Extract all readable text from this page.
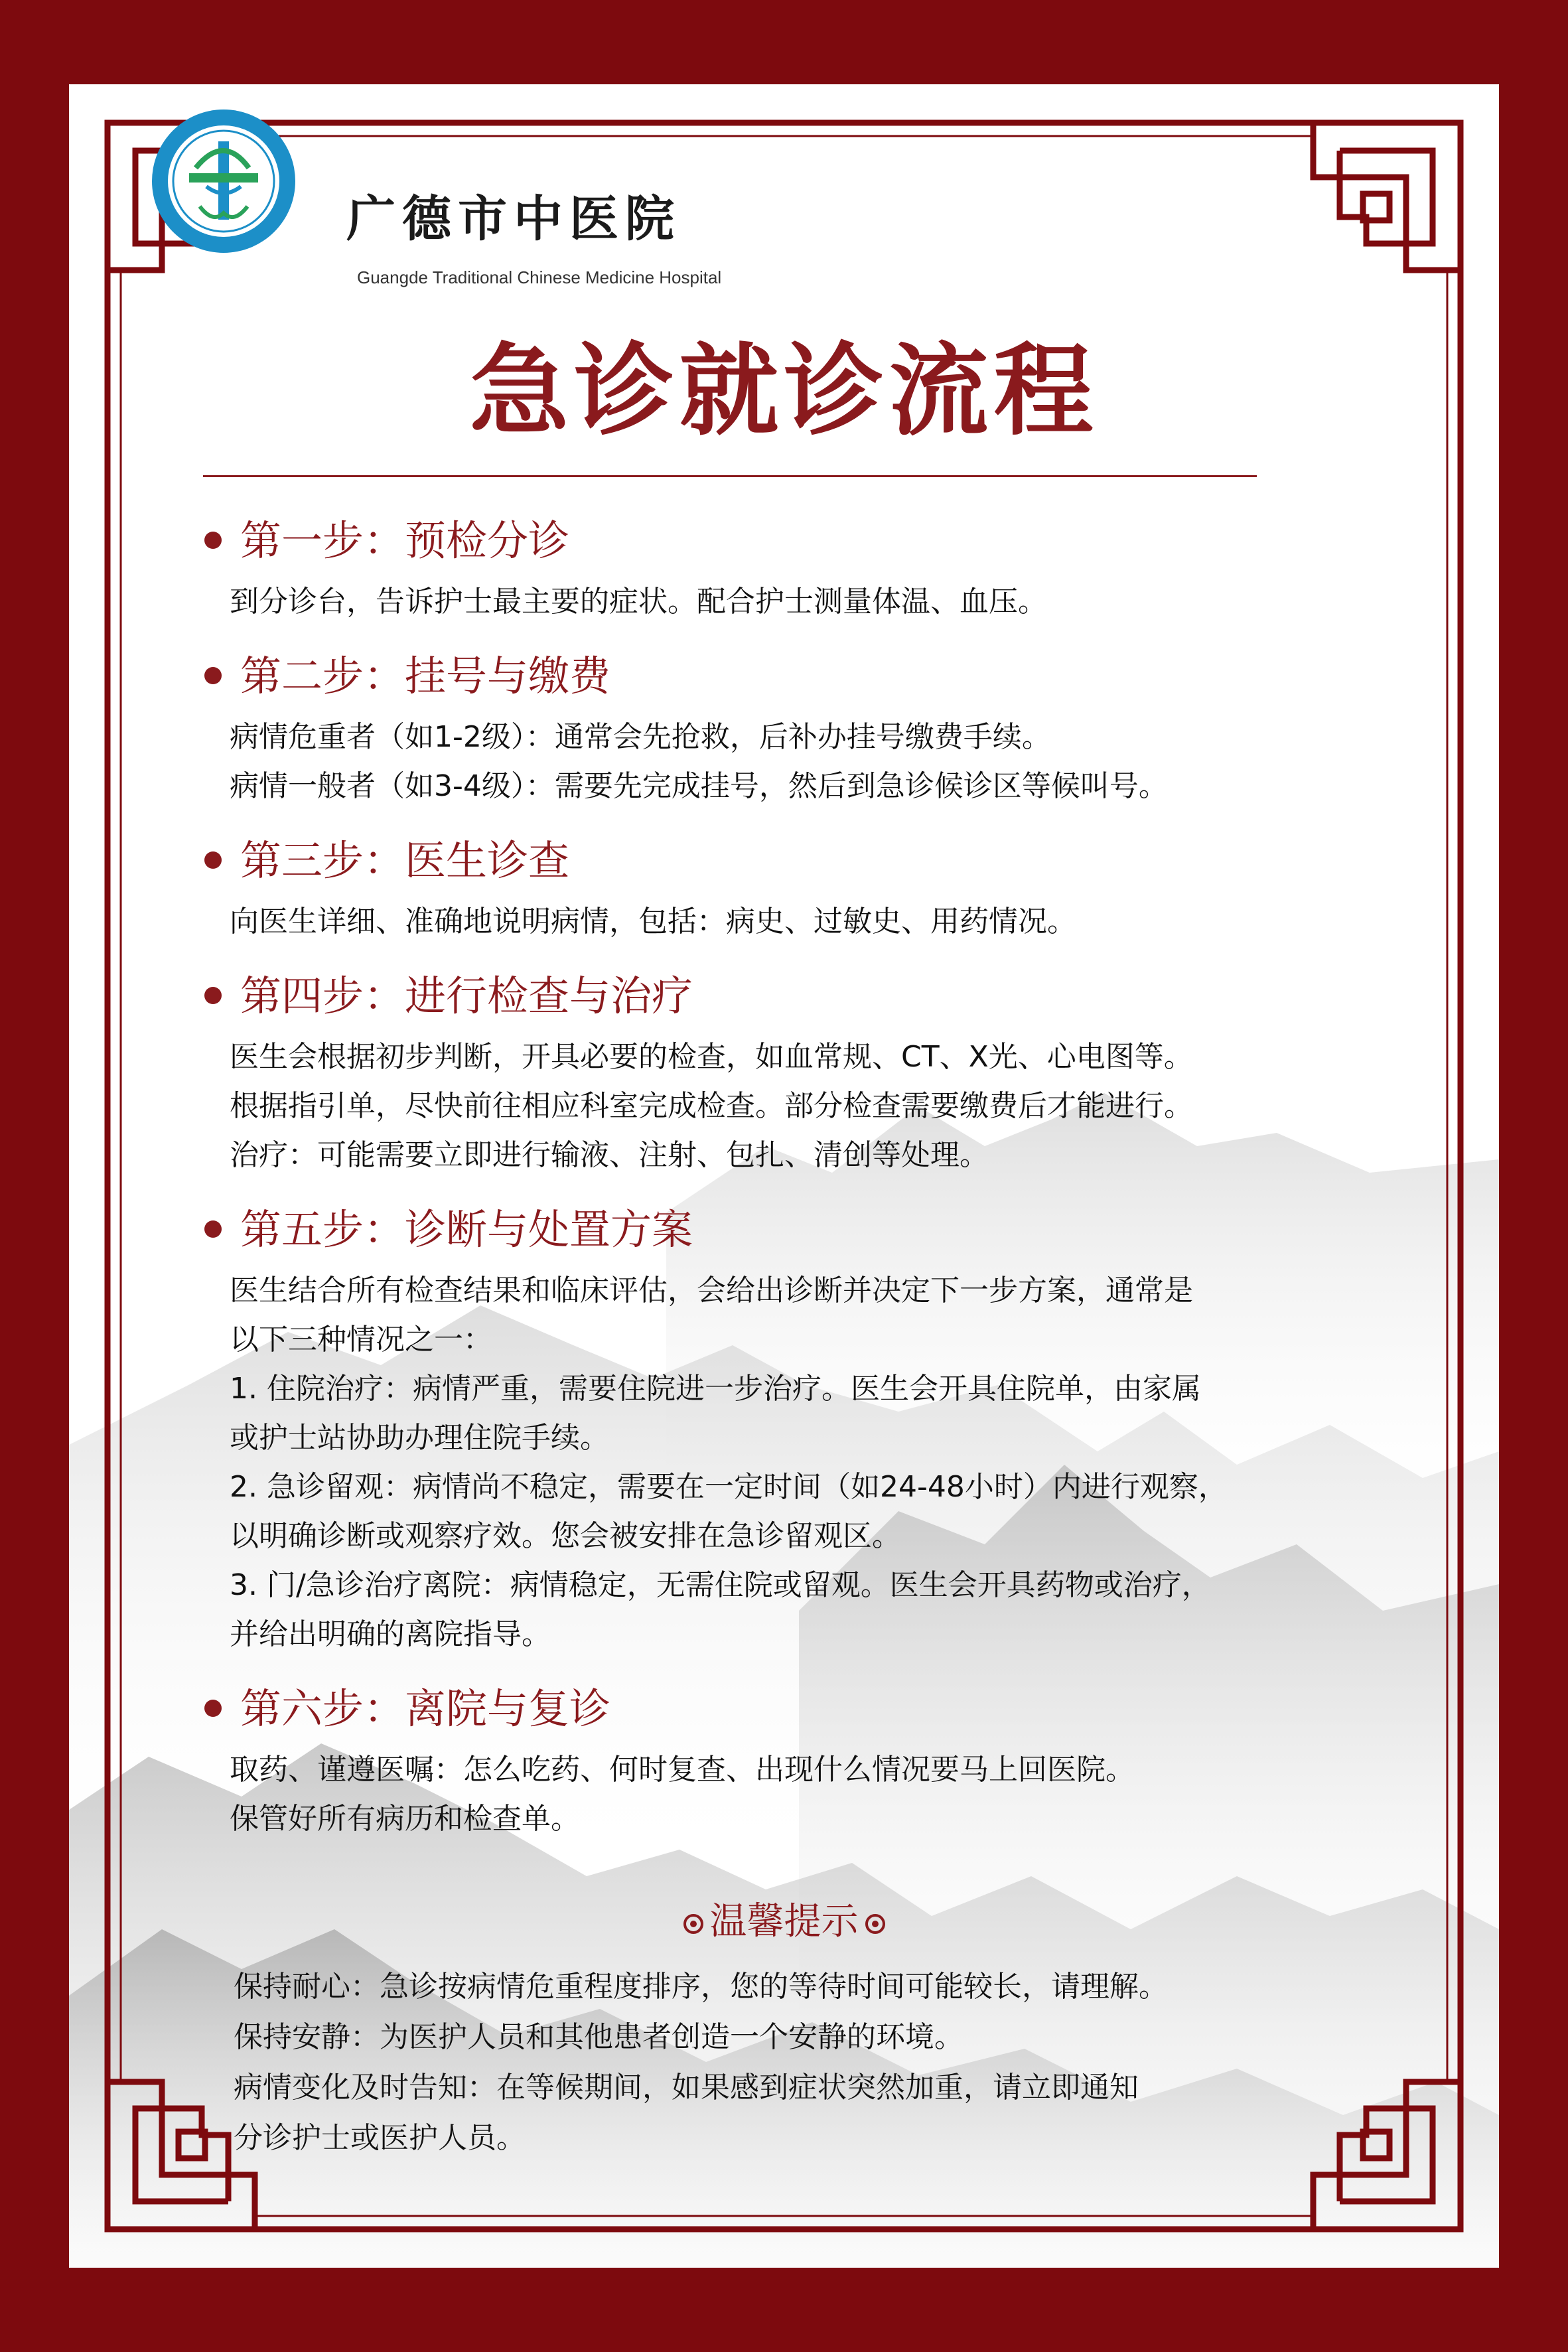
广德市中医院
Guangde Traditional Chinese Medicine Hospital
急诊就诊流程
第一步：预检分诊
到分诊台，告诉护士最主要的症状。配合护士测量体温、血压。
第二步：挂号与缴费
病情危重者（如1-2级）：通常会先抢救，后补办挂号缴费手续。
病情一般者（如3-4级）：需要先完成挂号，然后到急诊候诊区等候叫号。
第三步：医生诊查
向医生详细、准确地说明病情，包括：病史、过敏史、用药情况。
第四步：进行检查与治疗
医生会根据初步判断，开具必要的检查，如血常规、CT、X光、心电图等。
根据指引单，尽快前往相应科室完成检查。部分检查需要缴费后才能进行。
治疗：可能需要立即进行输液、注射、包扎、清创等处理。
第五步：诊断与处置方案
医生结合所有检查结果和临床评估，会给出诊断并决定下一步方案，通常是
以下三种情况之一：
1. 住院治疗：病情严重，需要住院进一步治疗。医生会开具住院单，由家属
或护士站协助办理住院手续。
2. 急诊留观：病情尚不稳定，需要在一定时间（如24-48小时）内进行观察，
以明确诊断或观察疗效。您会被安排在急诊留观区。
3. 门/急诊治疗离院：病情稳定，无需住院或留观。医生会开具药物或治疗，
并给出明确的离院指导。
第六步：离院与复诊
取药、谨遵医嘱：怎么吃药、何时复查、出现什么情况要马上回医院。
保管好所有病历和检查单。
温馨提示
保持耐心：急诊按病情危重程度排序，您的等待时间可能较长，请理解。
保持安静：为医护人员和其他患者创造一个安静的环境。
病情变化及时告知：在等候期间，如果感到症状突然加重，请立即通知
分诊护士或医护人员。
